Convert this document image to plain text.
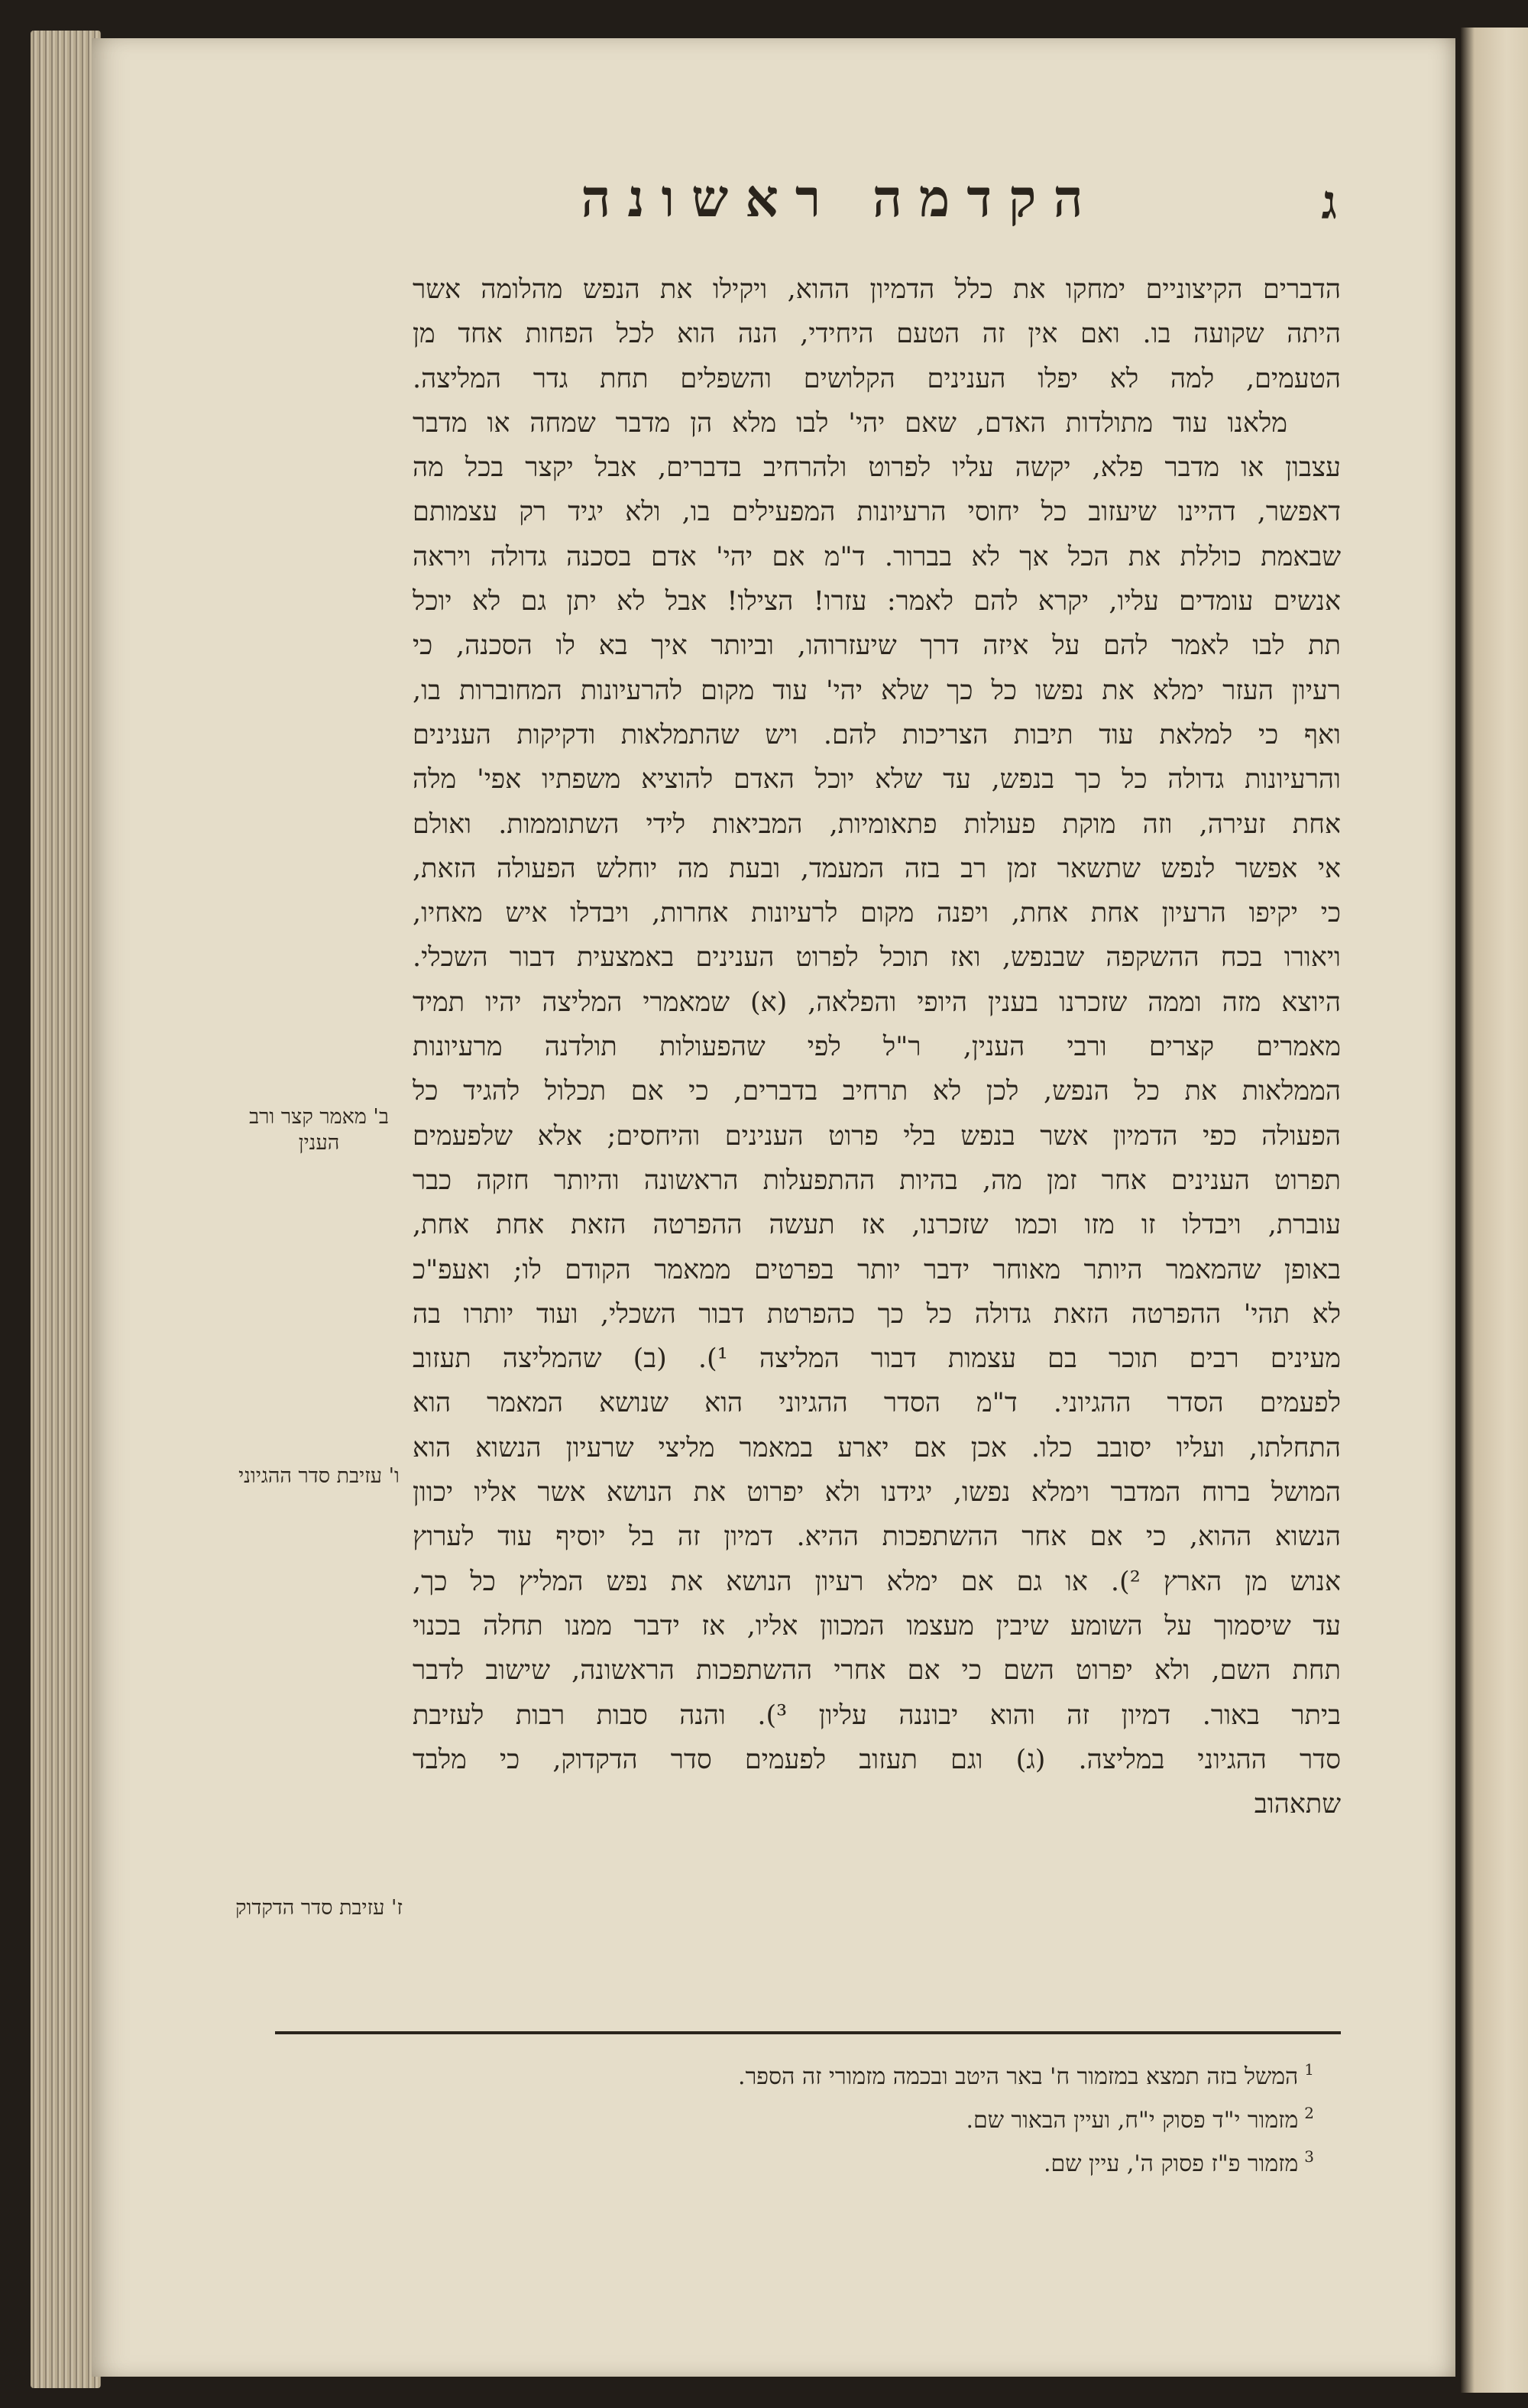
ג
הקדמה ראשונה
הדברים הקיצוניים ימחקו את כלל הדמיון ההוא, ויקילו את הנפש מהלומה אשר
היתה שקועה בו. ואם אין זה הטעם היחידי, הנה הוא לכל הפחות אחד מן
הטעמים, למה לא יפלו הענינים הקלושים והשפלים תחת גדר המליצה.
מלאנו עוד מתולדות האדם, שאם יהי' לבו מלא הן מדבר שמחה או מדבר
עצבון או מדבר פלא, יקשה עליו לפרוט ולהרחיב בדברים, אבל יקצר בכל מה
דאפשר, דהיינו שיעזוב כל יחוסי הרעיונות המפעילים בו, ולא יגיד רק עצמותם
שבאמת כוללת את הכל אך לא בברור. ד"מ אם יהי' אדם בסכנה גדולה ויראה
אנשים עומדים עליו, יקרא להם לאמר: עזרו! הצילו! אבל לא יתן גם לא יוכל
תת לבו לאמר להם על איזה דרך שיעזרוהו, וביותר איך בא לו הסכנה, כי
רעיון העזר ימלא את נפשו כל כך שלא יהי' עוד מקום להרעיונות המחוברות בו,
ואף כי למלאת עוד תיבות הצריכות להם. ויש שהתמלאות ודקיקות הענינים
והרעיונות גדולה כל כך בנפש, עד שלא יוכל האדם להוציא משפתיו אפי' מלה
אחת זעירה, וזה מוקת פעולות פתאומיות, המביאות לידי השתוממות. ואולם
אי אפשר לנפש שתשאר זמן רב בזה המעמד, ובעת מה יוחלש הפעולה הזאת,
כי יקיפו הרעיון אחת אחת, ויפנה מקום לרעיונות אחרות, ויבדלו איש מאחיו,
ויאורו בכח ההשקפה שבנפש, ואז תוכל לפרוט הענינים באמצעית דבור השכלי.
היוצא מזה וממה שזכרנו בענין היופי והפלאה, (א) שמאמרי המליצה יהיו תמיד
מאמרים קצרים ורבי הענין, ר"ל לפי שהפעולות תולדנה מרעיונות
הממלאות את כל הנפש, לכן לא תרחיב בדברים, כי אם תכלול להגיד כל
הפעולה כפי הדמיון אשר בנפש בלי פרוט הענינים והיחסים; אלא שלפעמים
תפרוט הענינים אחר זמן מה, בהיות ההתפעלות הראשונה והיותר חזקה כבר
עוברת, ויבדלו זו מזו וכמו שזכרנו, אז תעשה ההפרטה הזאת אחת אחת,
באופן שהמאמר היותר מאוחר ידבר יותר בפרטים ממאמר הקודם לו; ואעפ"כ
לא תהי' ההפרטה הזאת גדולה כל כך כהפרטת דבור השכלי, ועוד יותרו בה
מעינים רבים תוכר בם עצמות דבור המליצה ¹). (ב) שהמליצה תעזוב
לפעמים הסדר ההגיוני. ד"מ הסדר ההגיוני הוא שנושא המאמר הוא
התחלתו, ועליו יסובב כלו. אכן אם יארע במאמר מליצי שרעיון הנשוא הוא
המושל ברוח המדבר וימלא נפשו, יגידנו ולא יפרוט את הנושא אשר אליו יכוון
הנשוא ההוא, כי אם אחר ההשתפכות ההיא. דמיון זה בל יוסיף עוד לערוץ
אנוש מן הארץ ²). או גם אם ימלא רעיון הנושא את נפש המליץ כל כך,
עד שיסמוך על השומע שיבין מעצמו המכוון אליו, אז ידבר ממנו תחלה בכנוי
תחת השם, ולא יפרוט השם כי אם אחרי ההשתפכות הראשונה, שישוב לדבר
ביתר באור. דמיון זה והוא יבוננה עליון ³). והנה סבות רבות לעזיבת
סדר ההגיוני במליצה. (ג) וגם תעזוב לפעמים סדר הדקדוק, כי מלבד
שתאהוב
ב' מאמר קצר ורב הענין
ו' עזיבת סדר ההגיוני
ז' עזיבת סדר הדקדוק
$^1$המשל בזה תמצא במזמור ח' באר היטב ובכמה מזמורי זה הספר.
$^2$מזמור י"ד פסוק י"ח, ועיין הבאור שם.
$^3$מזמור פ"ז פסוק ה', עיין שם.
